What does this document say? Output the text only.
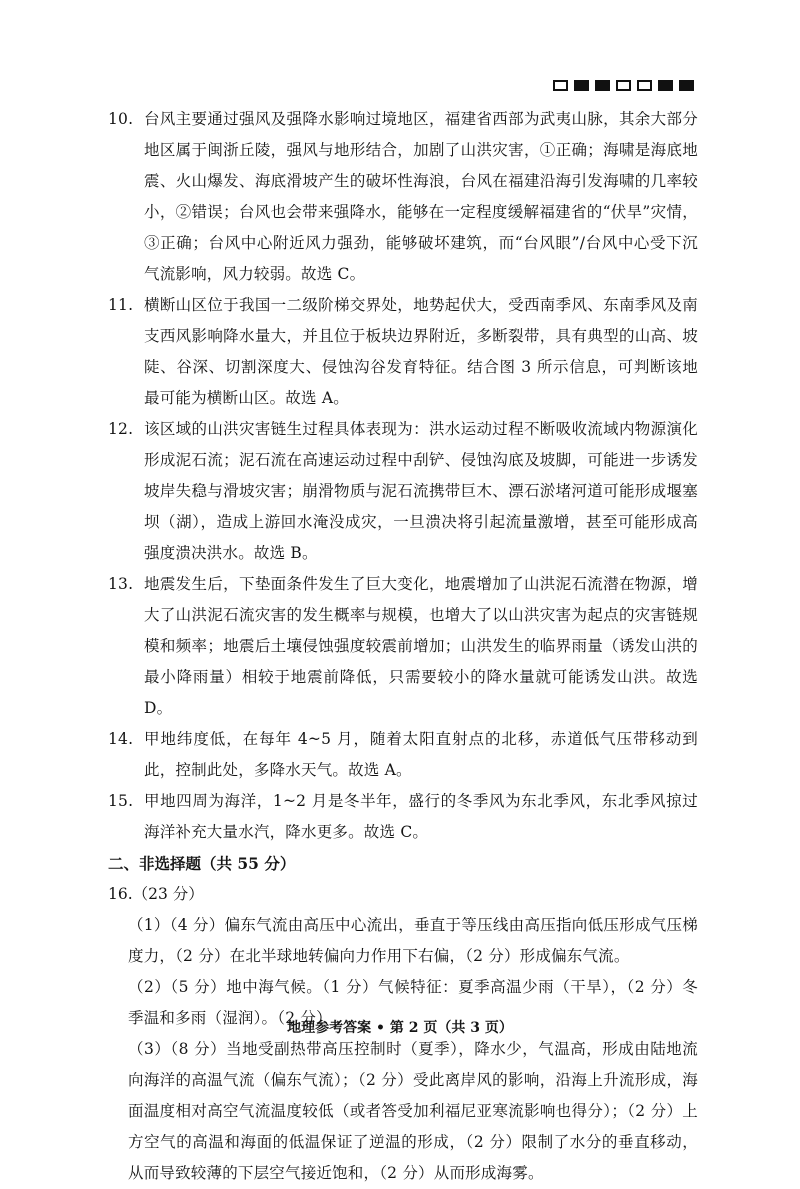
10. 台风主要通过强风及强降水影响过境地区，福建省西部为武夷山脉，其余大部分地区属于闽浙丘陵，强风与地形结合，加剧了山洪灾害，①正确；海啸是海底地震、火山爆发、海底滑坡产生的破坏性海浪，台风在福建沿海引发海啸的几率较小，②错误；台风也会带来强降水，能够在一定程度缓解福建省的“伏旱”灾情，③正确；台风中心附近风力强劲，能够破坏建筑，而“台风眼”/台风中心受下沉气流影响，风力较弱。故选 C。
11. 横断山区位于我国一二级阶梯交界处，地势起伏大，受西南季风、东南季风及南支西风影响降水量大，并且位于板块边界附近，多断裂带，具有典型的山高、坡陡、谷深、切割深度大、侵蚀沟谷发育特征。结合图 3 所示信息，可判断该地最可能为横断山区。故选 A。
12. 该区域的山洪灾害链生过程具体表现为：洪水运动过程不断吸收流域内物源演化形成泥石流；泥石流在高速运动过程中刮铲、侵蚀沟底及坡脚，可能进一步诱发坡岸失稳与滑坡灾害；崩滑物质与泥石流携带巨木、漂石淤堵河道可能形成堰塞坝（湖），造成上游回水淹没成灾，一旦溃决将引起流量激增，甚至可能形成高强度溃决洪水。故选 B。
13. 地震发生后，下垫面条件发生了巨大变化，地震增加了山洪泥石流潜在物源，增大了山洪泥石流灾害的发生概率与规模，也增大了以山洪灾害为起点的灾害链规模和频率；地震后土壤侵蚀强度较震前增加；山洪发生的临界雨量（诱发山洪的最小降雨量）相较于地震前降低，只需要较小的降水量就可能诱发山洪。故选 D。
14. 甲地纬度低，在每年 4~5 月，随着太阳直射点的北移，赤道低气压带移动到此，控制此处，多降水天气。故选 A。
15. 甲地四周为海洋，1~2 月是冬半年，盛行的冬季风为东北季风，东北季风掠过海洋补充大量水汽，降水更多。故选 C。
二、非选择题（共 55 分）
16.（23 分）
（1）（4 分）偏东气流由高压中心流出，垂直于等压线由高压指向低压形成气压梯度力，（2 分）在北半球地转偏向力作用下右偏，（2 分）形成偏东气流。
（2）（5 分）地中海气候。（1 分）气候特征：夏季高温少雨（干旱），（2 分）冬季温和多雨（湿润）。（2 分）
（3）（8 分）当地受副热带高压控制时（夏季），降水少，气温高，形成由陆地流向海洋的高温气流（偏东气流）；（2 分）受此离岸风的影响，沿海上升流形成，海面温度相对高空气流温度较低（或者答受加利福尼亚寒流影响也得分）；（2 分）上方空气的高温和海面的低温保证了逆温的形成，（2 分）限制了水分的垂直移动，从而导致较薄的下层空气接近饱和，（2 分）从而形成海雾。
地理参考答案 • 第 2 页（共 3 页）
